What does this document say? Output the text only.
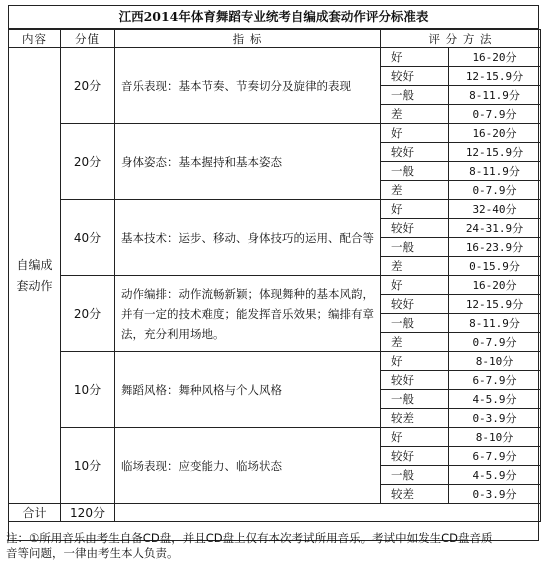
江西2014年体育舞蹈专业统考自编成套动作评分标准表
内容	分值	指 标	评 分 方 法	
自编成套动作	20分	音乐表现：基本节奏、节奏切分及旋律的表现	好	16-20分
			较好	12-15.9分
			一般	8-11.9分
			差	0-7.9分
	20分	身体姿态：基本握持和基本姿态	好	16-20分
			较好	12-15.9分
			一般	8-11.9分
			差	0-7.9分
	40分	基本技术：运步、移动、身体技巧的运用、配合等	好	32-40分
			较好	24-31.9分
			一般	16-23.9分
			差	0-15.9分
	20分	动作编排：动作流畅新颖；体现舞种的基本风韵，并有一定的技术难度；能发挥音乐效果；编排有章法，充分利用场地。	好	16-20分
			较好	12-15.9分
			一般	8-11.9分
			差	0-7.9分
	10分	舞蹈风格：舞种风格与个人风格	好	8-10分
			较好	6-7.9分
			一般	4-5.9分
			较差	0-3.9分
	10分	临场表现：应变能力、临场状态	好	8-10分
			较好	6-7.9分
			一般	4-5.9分
			较差	0-3.9分
合计	120分			
注：①所用音乐由考生自备CD盘，并且CD盘上仅有本次考试所用音乐。考试中如发生CD盘音质
音等问题，一律由考生本人负责。
